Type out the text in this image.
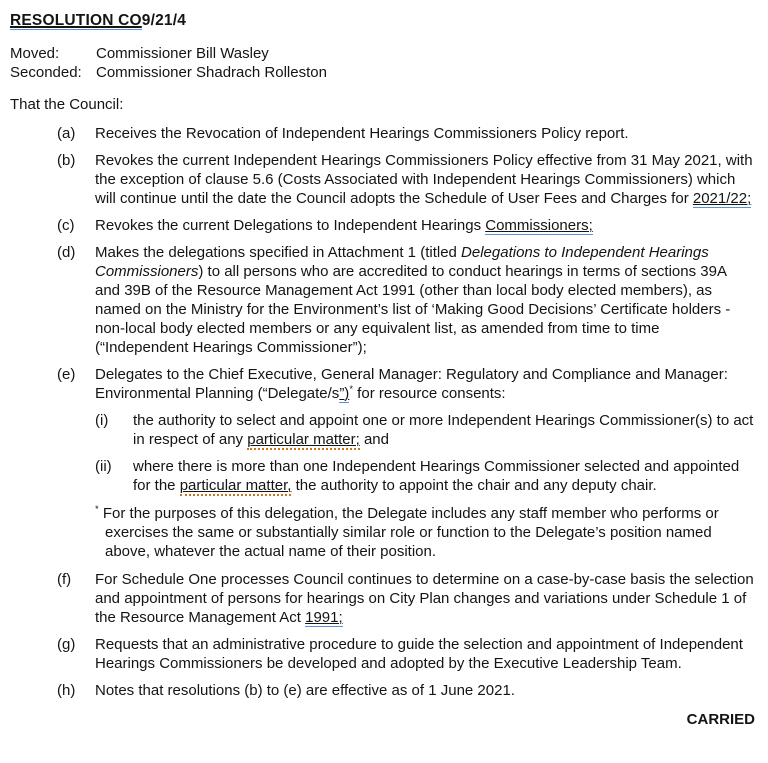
RESOLUTION CO9/21/4
Moved:	Commissioner Bill Wasley
Seconded: Commissioner Shadrach Rolleston
That the Council:
(a) Receives the Revocation of Independent Hearings Commissioners Policy report.
(b) Revokes the current Independent Hearings Commissioners Policy effective from 31 May 2021, with the exception of clause 5.6 (Costs Associated with Independent Hearings Commissioners) which will continue until the date the Council adopts the Schedule of User Fees and Charges for 2021/22;
(c) Revokes the current Delegations to Independent Hearings Commissioners;
(d) Makes the delegations specified in Attachment 1 (titled Delegations to Independent Hearings Commissioners) to all persons who are accredited to conduct hearings in terms of sections 39A and 39B of the Resource Management Act 1991 (other than local body elected members), as named on the Ministry for the Environment’s list of ‘Making Good Decisions’ Certificate holders - non-local body elected members or any equivalent list, as amended from time to time (“Independent Hearings Commissioner”);
(e) Delegates to the Chief Executive, General Manager: Regulatory and Compliance and Manager: Environmental Planning (“Delegate/s”)* for resource consents:
(i) the authority to select and appoint one or more Independent Hearings Commissioner(s) to act in respect of any particular matter; and
(ii) where there is more than one Independent Hearings Commissioner selected and appointed for the particular matter, the authority to appoint the chair and any deputy chair.
* For the purposes of this delegation, the Delegate includes any staff member who performs or exercises the same or substantially similar role or function to the Delegate’s position named above, whatever the actual name of their position.
(f) For Schedule One processes Council continues to determine on a case-by-case basis the selection and appointment of persons for hearings on City Plan changes and variations under Schedule 1 of the Resource Management Act 1991;
(g) Requests that an administrative procedure to guide the selection and appointment of Independent Hearings Commissioners be developed and adopted by the Executive Leadership Team.
(h) Notes that resolutions (b) to (e) are effective as of 1 June 2021.
CARRIED
